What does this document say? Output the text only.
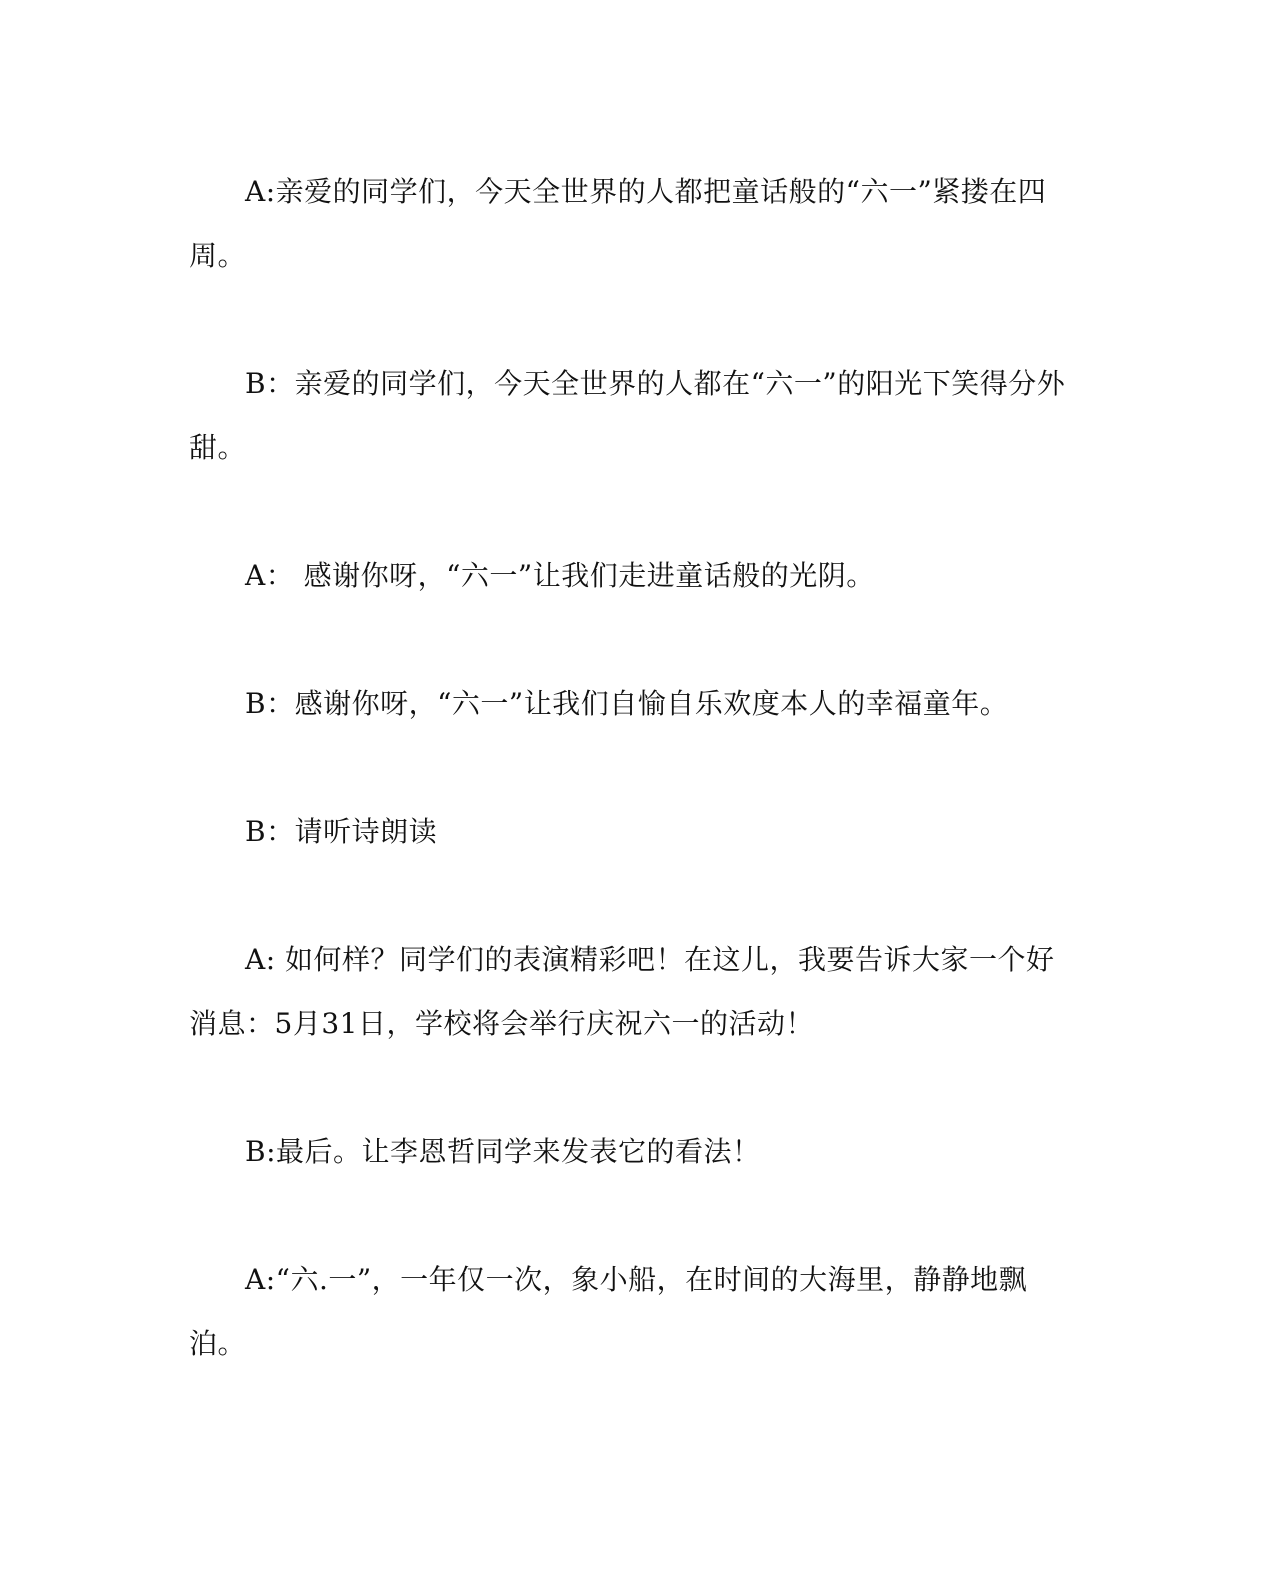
A:亲爱的同学们，今天全世界的人都把童话般的“六一”紧搂在四周。

B：亲爱的同学们，今天全世界的人都在“六一”的阳光下笑得分外甜。

A： 感谢你呀，“六一”让我们走进童话般的光阴。

B：感谢你呀，“六一”让我们自愉自乐欢度本人的幸福童年。

B：请听诗朗读

A: 如何样？同学们的表演精彩吧！在这儿，我要告诉大家一个好消息：5月31日，学校将会举行庆祝六一的活动！

B:最后。让李恩哲同学来发表它的看法！

A:“六.一”，一年仅一次，象小船，在时间的大海里，静静地飘泊。
